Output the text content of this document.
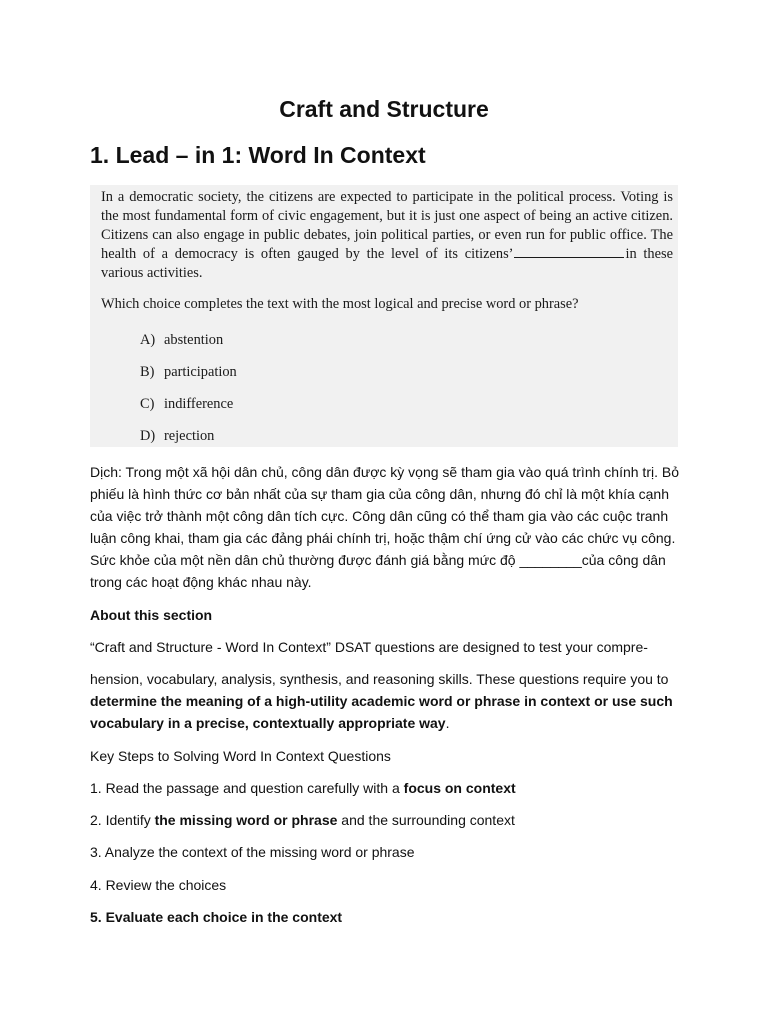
Craft and Structure
1. Lead – in 1: Word In Context

In a democratic society, the citizens are expected to participate in the political process. Voting is the most fundamental form of civic engagement, but it is just one aspect of being an active citizen. Citizens can also engage in public debates, join political parties, or even run for public office. The health of a democracy is often gauged by the level of its citizens’	in these various activities.

Which choice completes the text with the most logical and precise word or phrase?

A) abstention

B) participation

C) indifference

D) rejection

Dịch: Trong một xã hội dân chủ, công dân được kỳ vọng sẽ tham gia vào quá trình chính trị. Bỏ phiếu là hình thức cơ bản nhất của sự tham gia của công dân, nhưng đó chỉ là một khía cạnh của việc trở thành một công dân tích cực. Công dân cũng có thể tham gia vào các cuộc tranh luận công khai, tham gia các đảng phái chính trị, hoặc thậm chí ứng cử vào các chức vụ công. Sức khỏe của một nền dân chủ thường được đánh giá bằng mức độ ________của công dân trong các hoạt động khác nhau này.

About this section

“Craft and Structure - Word In Context” DSAT questions are designed to test your compre-

hension, vocabulary, analysis, synthesis, and reasoning skills. These questions require you to determine the meaning of a high-utility academic word or phrase in context or use such vocabulary in a precise, contextually appropriate way.

Key Steps to Solving Word In Context Questions

1. Read the passage and question carefully with a focus on context

2. Identify the missing word or phrase and the surrounding context

3. Analyze the context of the missing word or phrase

4. Review the choices

5. Evaluate each choice in the context
